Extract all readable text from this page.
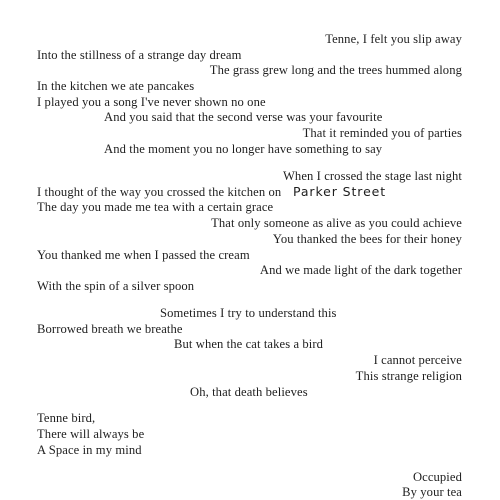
Tenne, I felt you slip away
Into the stillness of a strange day dream
The grass grew long and the trees hummed along
In the kitchen we ate pancakes
I played you a song I've never shown no one
And you said that the second verse was your favourite
That it reminded you of parties
And the moment you no longer have something to say
When I crossed the stage last night
I thought of the way you crossed the kitchen on Parker Street
The day you made me tea with a certain grace
That only someone as alive as you could achieve
You thanked the bees for their honey
You thanked me when I passed the cream
And we made light of the dark together
With the spin of a silver spoon
Sometimes I try to understand this
Borrowed breath we breathe
But when the cat takes a bird
I cannot perceive
This strange religion
Oh, that death believes
Tenne bird,
There will always be
A Space in my mind
Occupied
By your tea
